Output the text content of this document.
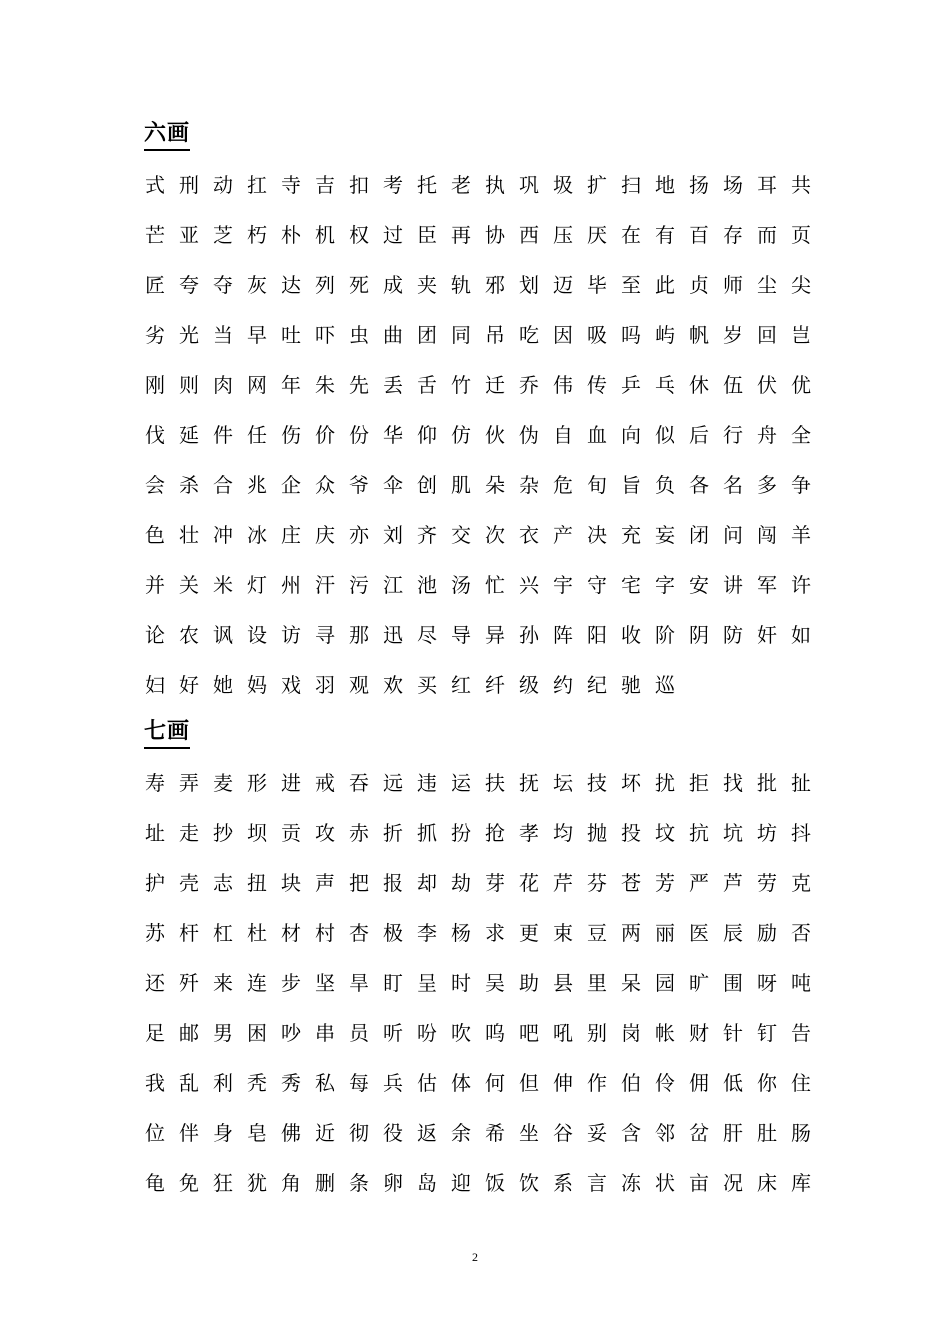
六画
式 刑 动 扛 寺 吉 扣 考 托 老 执 巩 圾 扩 扫 地 扬 场 耳 共
芒 亚 芝 朽 朴 机 权 过 臣 再 协 西 压 厌 在 有 百 存 而 页
匠 夸 夺 灰 达 列 死 成 夹 轨 邪 划 迈 毕 至 此 贞 师 尘 尖
劣 光 当 早 吐 吓 虫 曲 团 同 吊 吃 因 吸 吗 屿 帆 岁 回 岂
刚 则 肉 网 年 朱 先 丢 舌 竹 迁 乔 伟 传 乒 乓 休 伍 伏 优
伐 延 件 任 伤 价 份 华 仰 仿 伙 伪 自 血 向 似 后 行 舟 全
会 杀 合 兆 企 众 爷 伞 创 肌 朵 杂 危 旬 旨 负 各 名 多 争
色 壮 冲 冰 庄 庆 亦 刘 齐 交 次 衣 产 决 充 妄 闭 问 闯 羊
并 关 米 灯 州 汗 污 江 池 汤 忙 兴 宇 守 宅 字 安 讲 军 许
论 农 讽 设 访 寻 那 迅 尽 导 异 孙 阵 阳 收 阶 阴 防 奸 如
妇 好 她 妈 戏 羽 观 欢 买 红 纤 级 约 纪 驰 巡
七画
寿 弄 麦 形 进 戒 吞 远 违 运 扶 抚 坛 技 坏 扰 拒 找 批 扯
址 走 抄 坝 贡 攻 赤 折 抓 扮 抢 孝 均 抛 投 坟 抗 坑 坊 抖
护 壳 志 扭 块 声 把 报 却 劫 芽 花 芹 芬 苍 芳 严 芦 劳 克
苏 杆 杠 杜 材 村 杏 极 李 杨 求 更 束 豆 两 丽 医 辰 励 否
还 歼 来 连 步 坚 旱 盯 呈 时 吴 助 县 里 呆 园 旷 围 呀 吨
足 邮 男 困 吵 串 员 听 吩 吹 呜 吧 吼 别 岗 帐 财 针 钉 告
我 乱 利 秃 秀 私 每 兵 估 体 何 但 伸 作 伯 伶 佣 低 你 住
位 伴 身 皂 佛 近 彻 役 返 余 希 坐 谷 妥 含 邻 岔 肝 肚 肠
龟 免 狂 犹 角 删 条 卵 岛 迎 饭 饮 系 言 冻 状 亩 况 床 库
2
